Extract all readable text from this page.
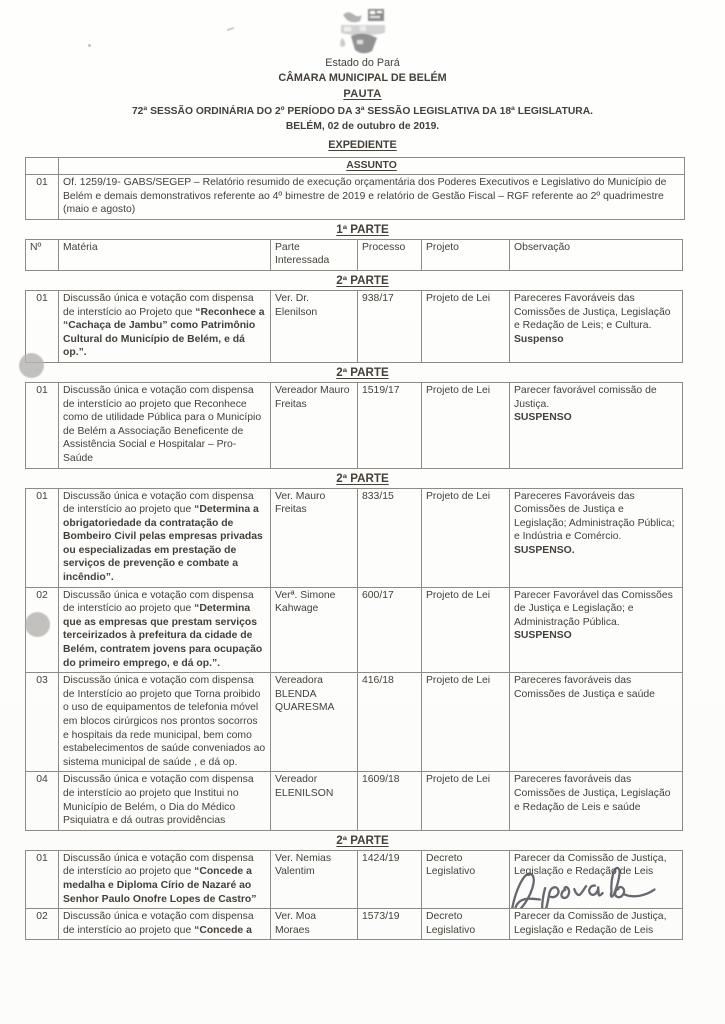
Estado do Pará
CÂMARA MUNICIPAL DE BELÉM
PAUTA
72ª SESSÃO ORDINÁRIA DO 2º PERÍODO DA 3ª SESSÃO LEGISLATIVA DA 18ª LEGISLATURA.
BELÉM, 02 de outubro de 2019.
EXPEDIENTE
	ASSUNTO
01	Of. 1259/19- GABS/SEGEP – Relatório resumido de execução orçamentária dos Poderes Executivos e Legislativo do Município de Belém e demais demonstrativos referente ao 4º bimestre de 2019 e relatório de Gestão Fiscal – RGF referente ao 2º quadrimestre (maio e agosto)
1ª PARTE
Nº	Matéria	Parte Interessada	Processo	Projeto	Observação
2ª PARTE
01	Discussão única e votação com dispensa de interstício ao Projeto que “Reconhece a “Cachaça de Jambu” como Patrimônio Cultural do Município de Belém, e dá op.”.	Ver. Dr. Elenilson	938/17	Projeto de Lei	Pareceres Favoráveis das Comissões de Justiça, Legislação e Redação de Leis; e Cultura.
Suspenso
2ª PARTE
01	Discussão única e votação com dispensa de interstício ao projeto que Reconhece como de utilidade Pública para o Município de Belém a Associação Beneficente de Assistência Social e Hospitalar – Pro-Saúde	Vereador Mauro Freitas	1519/17	Projeto de Lei	Parecer favorável comissão de Justiça.
SUSPENSO
2ª PARTE
01	Discussão única e votação com dispensa de interstício ao projeto que “Determina a obrigatoriedade da contratação de Bombeiro Civil pelas empresas privadas ou especializadas em prestação de serviços de prevenção e combate a incêndio”.	Ver. Mauro Freitas	833/15	Projeto de Lei	Pareceres Favoráveis das Comissões de Justiça e Legislação; Administração Pública; e Indústria e Comércio.
SUSPENSO.

02	Discussão única e votação com dispensa de interstício ao projeto que “Determina que as empresas que prestam serviços terceirizados à prefeitura da cidade de Belém, contratem jovens para ocupação do primeiro emprego, e dá op.”.	Verª. Simone Kahwage	600/17	Projeto de Lei	Parecer Favorável das Comissões de Justiça e Legislação; e Administração Pública.
SUSPENSO

03	Discussão única e votação com dispensa de Interstício ao projeto que Torna proibido o uso de equipamentos de telefonia móvel em blocos cirúrgicos nos prontos socorros e hospitais da rede municipal, bem como estabelecimentos de saúde conveniados ao sistema municipal de saúde , e dá op.	Vereadora BLENDA QUARESMA	416/18	Projeto de Lei	Pareceres favoráveis das Comissões de Justiça e saúde
04	Discussão única e votação com dispensa de interstício ao projeto que Institui no Município de Belém, o Dia do Médico Psiquiatra e dá outras providências	Vereador ELENILSON	1609/18	Projeto de Lei	Pareceres favoráveis das Comissões de Justiça, Legislação e Redação de Leis e saúde
2ª PARTE
01	Discussão única e votação com dispensa de interstício ao projeto que “Concede a medalha e Diploma Círio de Nazaré ao Senhor Paulo Onofre Lopes de Castro”	Ver. Nemias Valentim	1424/19	Decreto Legislativo	Parecer da Comissão de Justiça, Legislação e Redação de Leis

02	Discussão única e votação com dispensa de interstício ao projeto que “Concede a	Ver. Moa Moraes	1573/19	Decreto Legislativo	Parecer da Comissão de Justiça, Legislação e Redação de Leis
